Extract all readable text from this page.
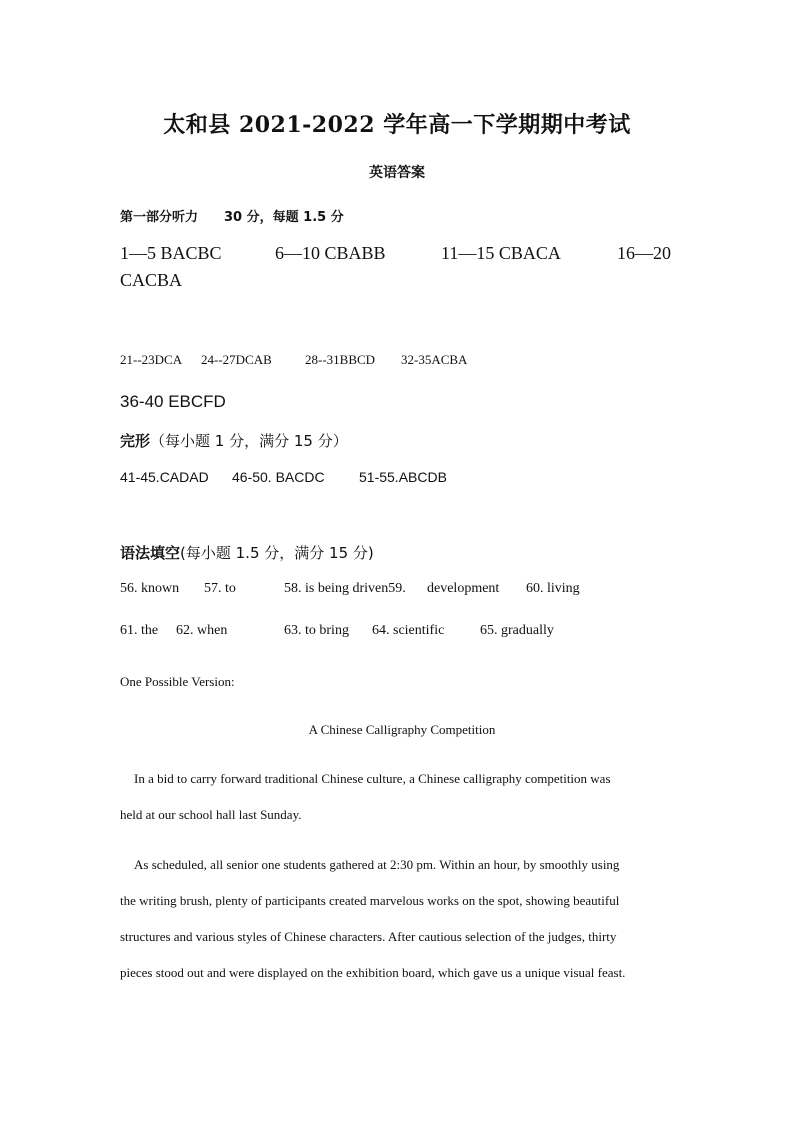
太和县 2021-2022 学年高一下学期期中考试
英语答案
第一部分听力 30 分，每题 1.5 分
1—5 BACBC	6—10 CBABB	11—15 CBACA	16—20
CACBA
21--23DCA 24--27DCAB	28--31BBCD 32-35ACBA
36-40 EBCFD
完形（每小题 1 分，满分 15 分）
41-45.CADAD 46-50. BACDC 51-55.ABCDB
语法填空(每小题 1.5 分，满分 15 分)
56. known 57. to	58. is being driven59. development 60. living
61. the 62. when	63. to bring 64. scientific	65. gradually
One Possible Version:
A Chinese Calligraphy Competition
In a bid to carry forward traditional Chinese culture, a Chinese calligraphy competition was
held at our school hall last Sunday.
As scheduled, all senior one students gathered at 2:30 pm. Within an hour, by smoothly using
the writing brush, plenty of participants created marvelous works on the spot, showing beautiful
structures and various styles of Chinese characters. After cautious selection of the judges, thirty
pieces stood out and were displayed on the exhibition board, which gave us a unique visual feast.
